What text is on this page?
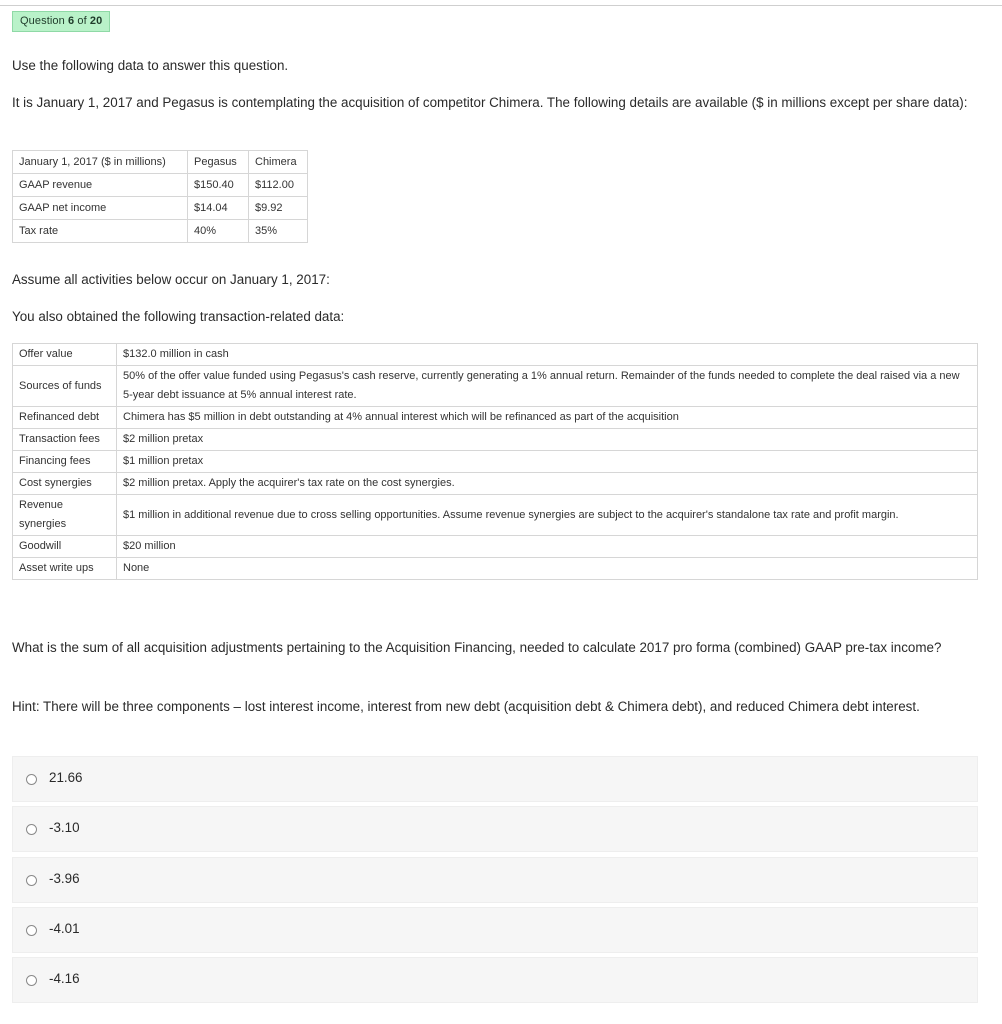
Question 6 of 20

Use the following data to answer this question.

It is January 1, 2017 and Pegasus is contemplating the acquisition of competitor Chimera. The following details are available ($ in millions except per share data):

January 1, 2017 ($ in millions)	Pegasus	Chimera
GAAP revenue	$150.40	$112.00
GAAP net income	$14.04	$9.92
Tax rate	40%	35%

Assume all activities below occur on January 1, 2017:

You also obtained the following transaction-related data:

Offer value	$132.0 million in cash
Sources of funds	50% of the offer value funded using Pegasus's cash reserve, currently generating a 1% annual return. Remainder of the funds needed to complete the deal raised via a new 5-year debt issuance at 5% annual interest rate.
Refinanced debt	Chimera has $5 million in debt outstanding at 4% annual interest which will be refinanced as part of the acquisition
Transaction fees	$2 million pretax
Financing fees	$1 million pretax
Cost synergies	$2 million pretax. Apply the acquirer's tax rate on the cost synergies.
Revenue synergies	$1 million in additional revenue due to cross selling opportunities. Assume revenue synergies are subject to the acquirer's standalone tax rate and profit margin.
Goodwill	$20 million
Asset write ups	None

What is the sum of all acquisition adjustments pertaining to the Acquisition Financing, needed to calculate 2017 pro forma (combined) GAAP pre-tax income?

Hint: There will be three components – lost interest income, interest from new debt (acquisition debt & Chimera debt), and reduced Chimera debt interest.

21.66
-3.10
-3.96
-4.01
-4.16
